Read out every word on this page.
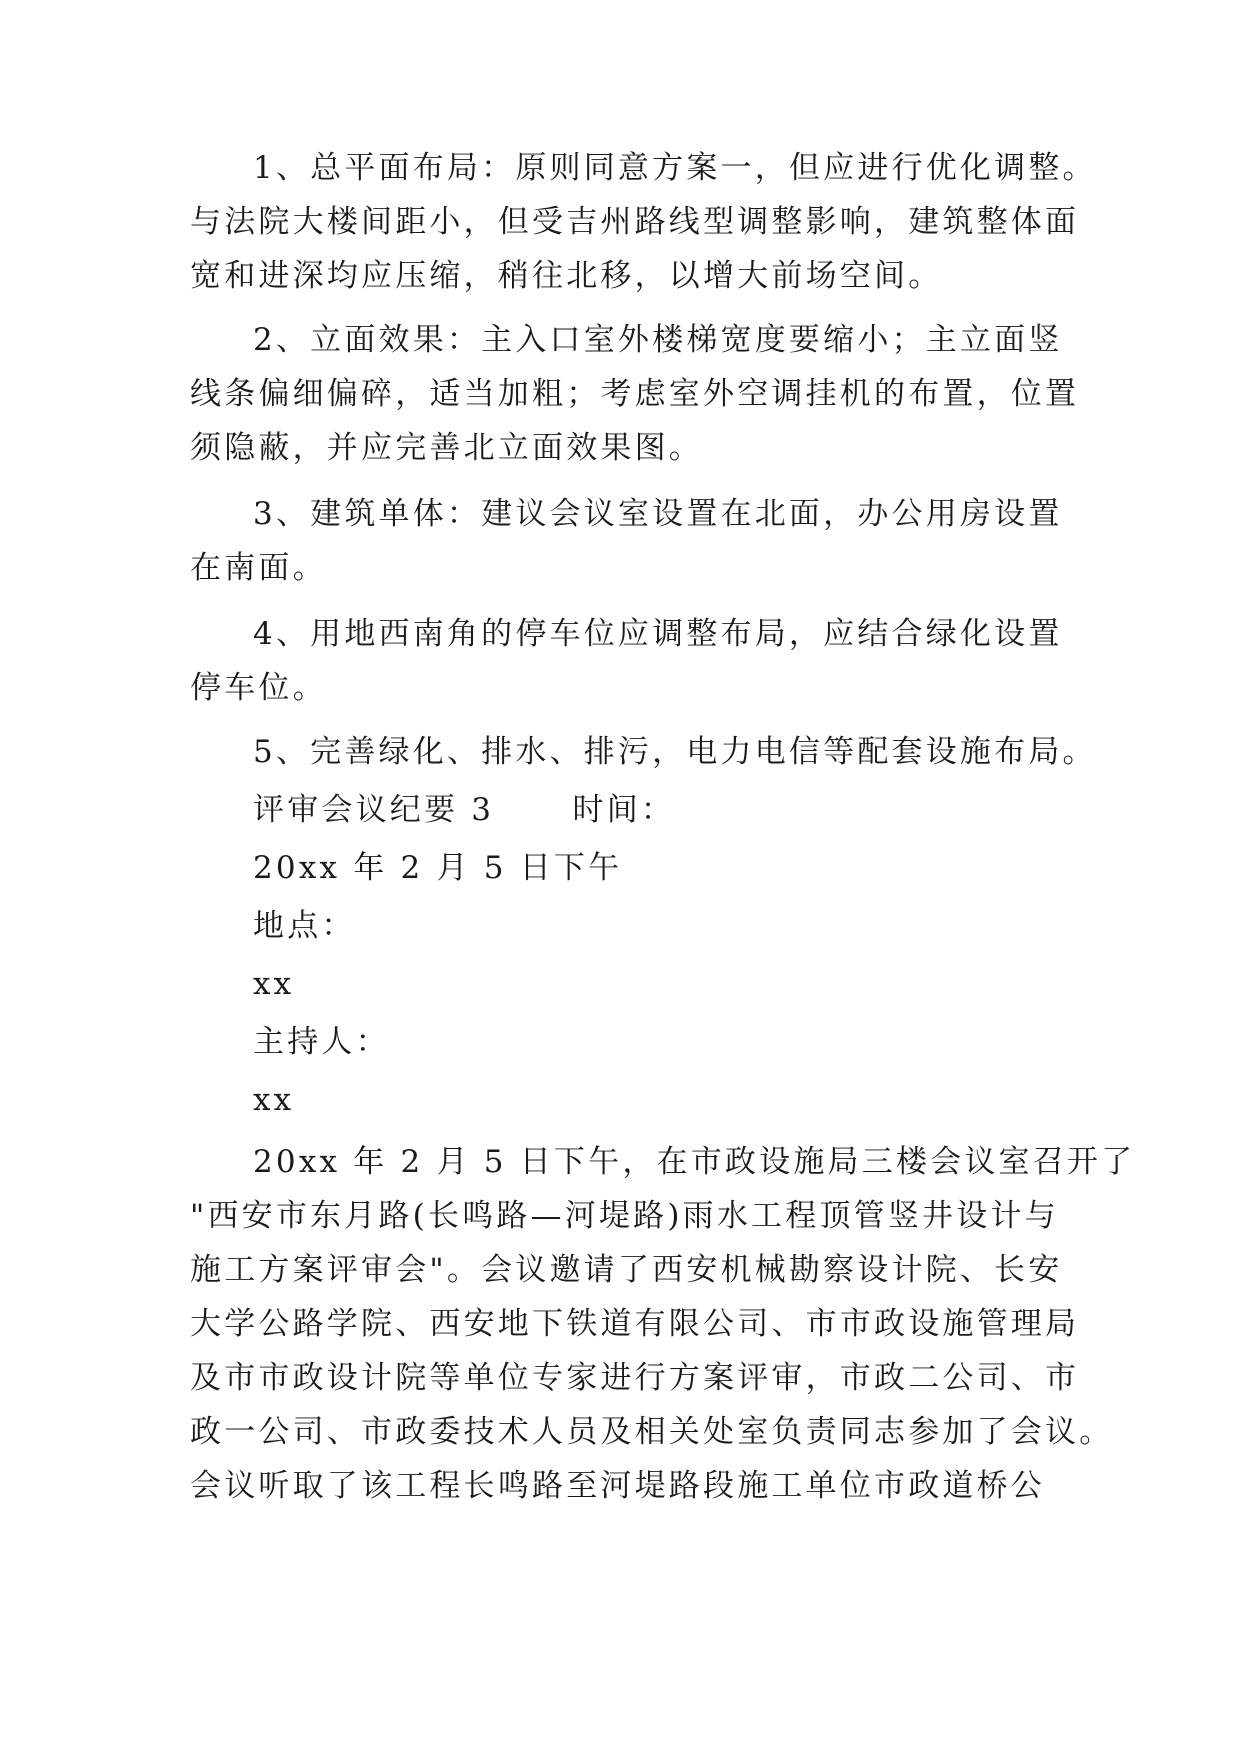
1、总平面布局：原则同意方案一，但应进行优化调整。
与法院大楼间距小，但受吉州路线型调整影响，建筑整体面
宽和进深均应压缩，稍往北移，以增大前场空间。
2、立面效果：主入口室外楼梯宽度要缩小；主立面竖
线条偏细偏碎，适当加粗；考虑室外空调挂机的布置，位置
须隐蔽，并应完善北立面效果图。
3、建筑单体：建议会议室设置在北面，办公用房设置
在南面。
4、用地西南角的停车位应调整布局，应结合绿化设置
停车位。
5、完善绿化、排水、排污，电力电信等配套设施布局。
评审会议纪要 3      时间：
20xx 年 2 月 5 日下午
地点：
xx
主持人：
xx
20xx 年 2 月 5 日下午，在市政设施局三楼会议室召开了
"西安市东月路(长鸣路—河堤路)雨水工程顶管竖井设计与
施工方案评审会"。会议邀请了西安机械勘察设计院、长安
大学公路学院、西安地下铁道有限公司、市市政设施管理局
及市市政设计院等单位专家进行方案评审，市政二公司、市
政一公司、市政委技术人员及相关处室负责同志参加了会议。
会议听取了该工程长鸣路至河堤路段施工单位市政道桥公
